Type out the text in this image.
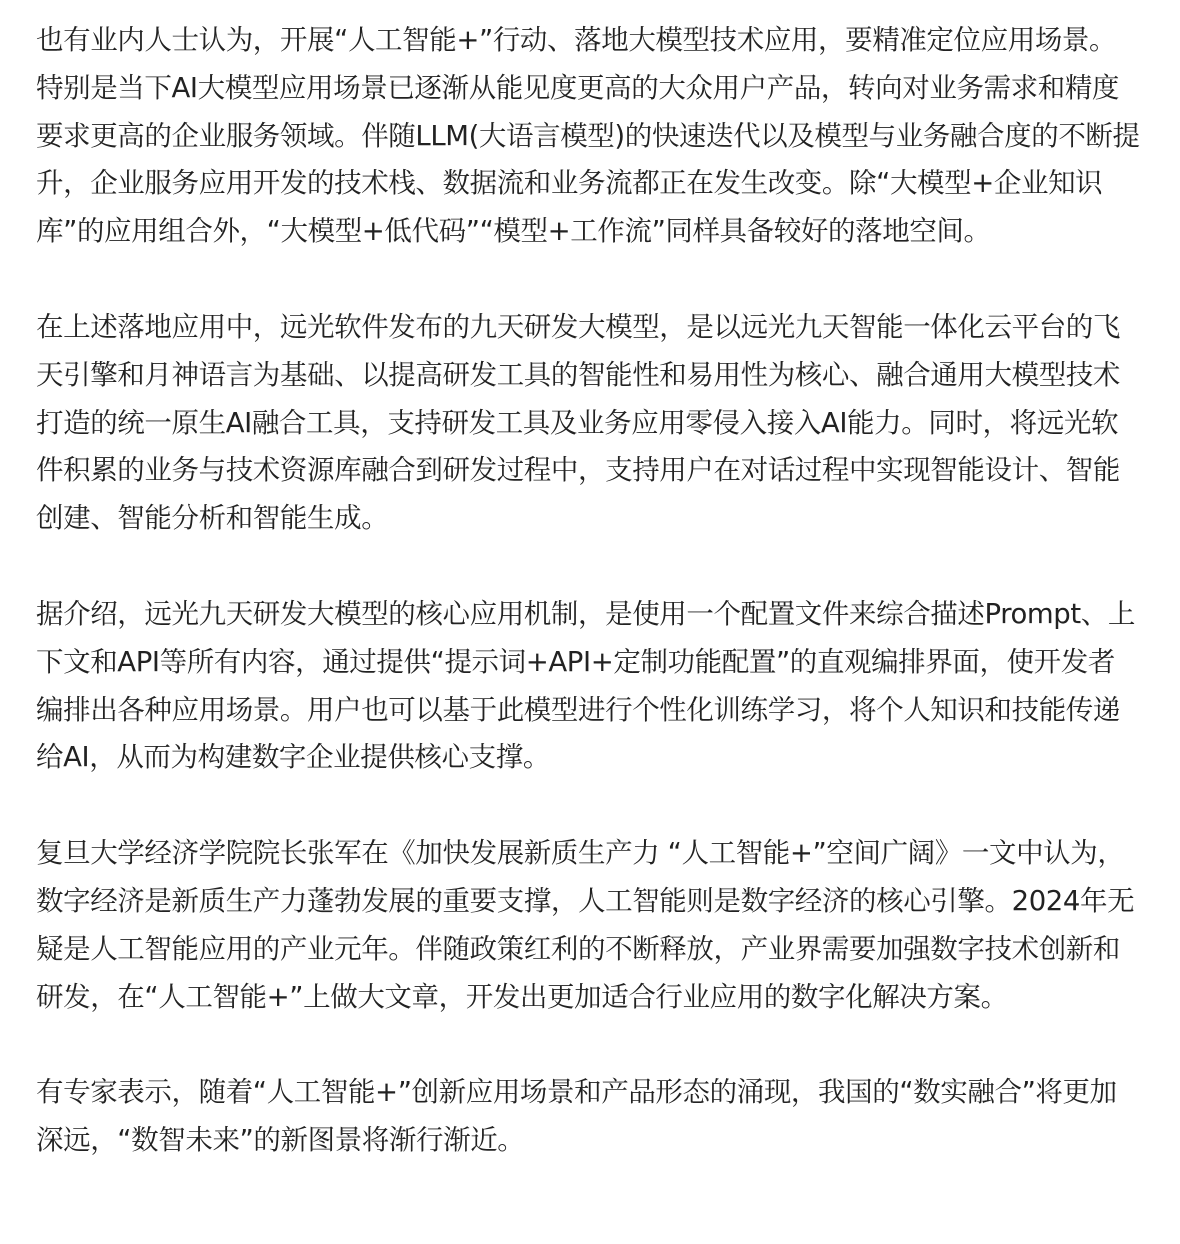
也有业内人士认为，开展“人工智能+”行动、落地大模型技术应用，要精准定位应用场景。特别是当下AI大模型应用场景已逐渐从能见度更高的大众用户产品，转向对业务需求和精度要求更高的企业服务领域。伴随LLM(大语言模型)的快速迭代以及模型与业务融合度的不断提升，企业服务应用开发的技术栈、数据流和业务流都正在发生改变。除“大模型+企业知识库”的应用组合外，“大模型+低代码”“模型+工作流”同样具备较好的落地空间。

在上述落地应用中，远光软件发布的九天研发大模型，是以远光九天智能一体化云平台的飞天引擎和月神语言为基础、以提高研发工具的智能性和易用性为核心、融合通用大模型技术打造的统一原生AI融合工具，支持研发工具及业务应用零侵入接入AI能力。同时，将远光软件积累的业务与技术资源库融合到研发过程中，支持用户在对话过程中实现智能设计、智能创建、智能分析和智能生成。

据介绍，远光九天研发大模型的核心应用机制，是使用一个配置文件来综合描述Prompt、上下文和API等所有内容，通过提供“提示词+API+定制功能配置”的直观编排界面，使开发者编排出各种应用场景。用户也可以基于此模型进行个性化训练学习，将个人知识和技能传递给AI，从而为构建数字企业提供核心支撑。

复旦大学经济学院院长张军在《加快发展新质生产力 “人工智能+”空间广阔》一文中认为，数字经济是新质生产力蓬勃发展的重要支撑，人工智能则是数字经济的核心引擎。2024年无疑是人工智能应用的产业元年。伴随政策红利的不断释放，产业界需要加强数字技术创新和研发，在“人工智能+”上做大文章，开发出更加适合行业应用的数字化解决方案。

有专家表示，随着“人工智能+”创新应用场景和产品形态的涌现，我国的“数实融合”将更加深远，“数智未来”的新图景将渐行渐近。
